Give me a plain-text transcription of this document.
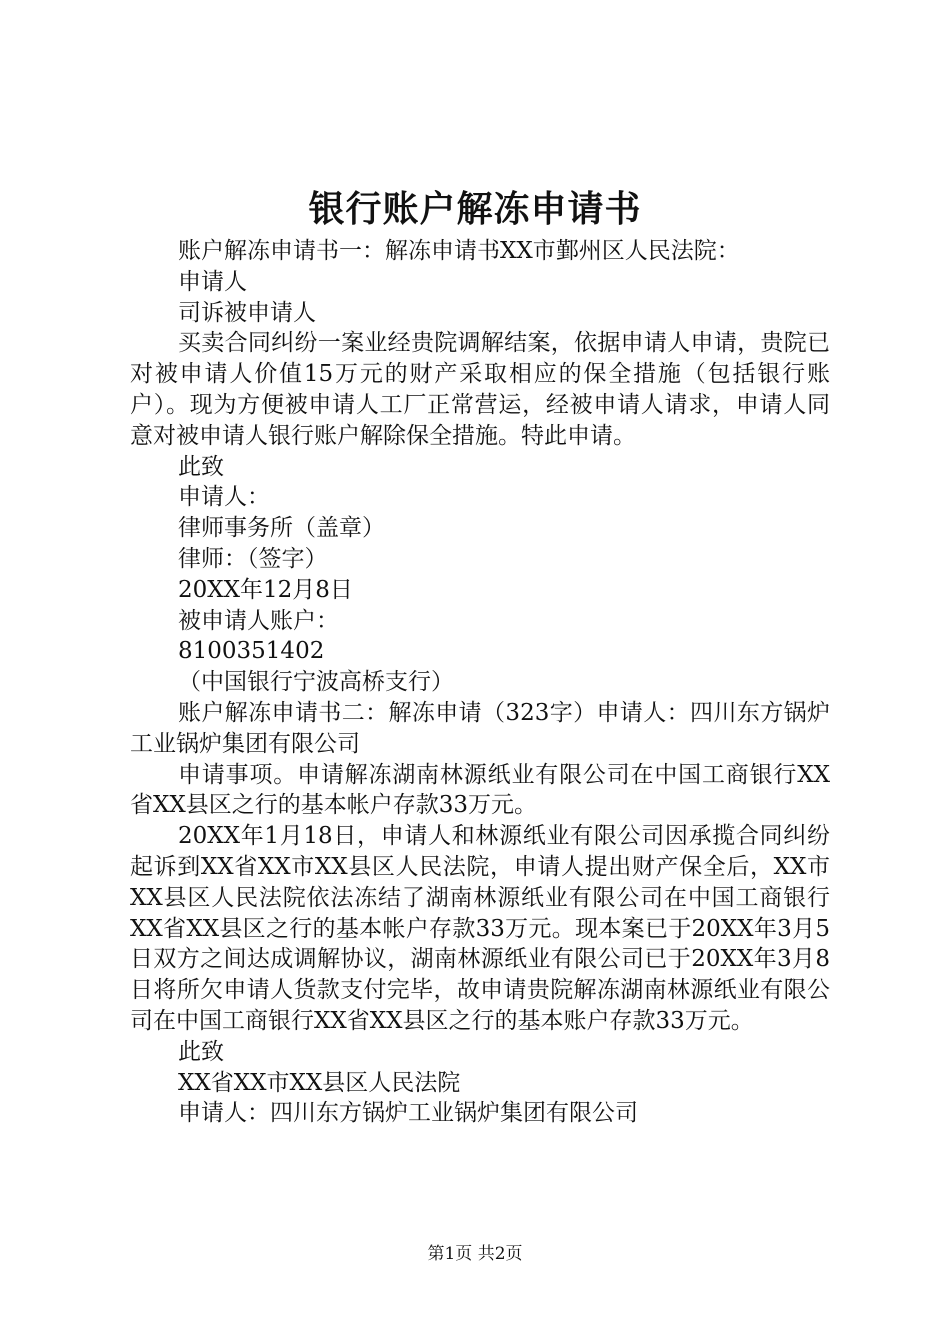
银行账户解冻申请书

账户解冻申请书一：解冻申请书XX市鄞州区人民法院：

申请人

司诉被申请人

买卖合同纠纷一案业经贵院调解结案，依据申请人申请，贵院已对被申请人价值15万元的财产采取相应的保全措施（包括银行账户）。现为方便被申请人工厂正常营运，经被申请人请求，申请人同意对被申请人银行账户解除保全措施。特此申请。

此致

申请人：

律师事务所（盖章）

律师：（签字）

20XX年12月8日

被申请人账户：

8100351402

（中国银行宁波高桥支行）

账户解冻申请书二：解冻申请（323字）申请人：四川东方锅炉工业锅炉集团有限公司

申请事项。申请解冻湖南林源纸业有限公司在中国工商银行XX省XX县区之行的基本帐户存款33万元。

20XX年1月18日，申请人和林源纸业有限公司因承揽合同纠纷起诉到XX省XX市XX县区人民法院，申请人提出财产保全后，XX市XX县区人民法院依法冻结了湖南林源纸业有限公司在中国工商银行XX省XX县区之行的基本帐户存款33万元。现本案已于20XX年3月5日双方之间达成调解协议，湖南林源纸业有限公司已于20XX年3月8日将所欠申请人货款支付完毕，故申请贵院解冻湖南林源纸业有限公司在中国工商银行XX省XX县区之行的基本账户存款33万元。

此致

XX省XX市XX县区人民法院

申请人：四川东方锅炉工业锅炉集团有限公司

第1页 共2页
